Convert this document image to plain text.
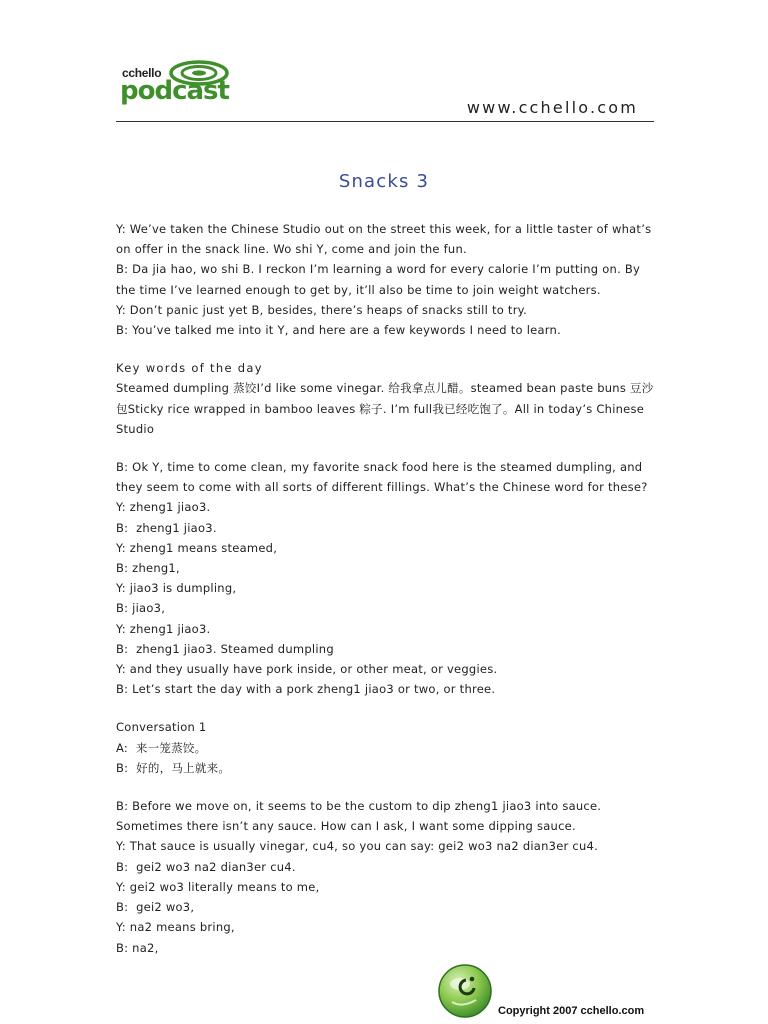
cchello
podcast
www.cchello.com
Snacks 3

Y: We’ve taken the Chinese Studio out on the street this week, for a little taster of what’s on offer in the snack line. Wo shi Y, come and join the fun.

B: Da jia hao, wo shi B. I reckon I’m learning a word for every calorie I’m putting on. By the time I’ve learned enough to get by, it’ll also be time to join weight watchers.

Y: Don’t panic just yet B, besides, there’s heaps of snacks still to try.

B: You’ve talked me into it Y, and here are a few keywords I need to learn.

Key words of the day

Steamed dumpling 蒸饺I’d like some vinegar. 给我拿点儿醋。steamed bean paste buns 豆沙包Sticky rice wrapped in bamboo leaves 粽子. I’m full我已经吃饱了。All in today’s Chinese Studio

B: Ok Y, time to come clean, my favorite snack food here is the steamed dumpling, and they seem to come with all sorts of different fillings. What’s the Chinese word for these?

Y: zheng1 jiao3.

B:  zheng1 jiao3.

Y: zheng1 means steamed,

B: zheng1,

Y: jiao3 is dumpling,

B: jiao3,

Y: zheng1 jiao3.

B:  zheng1 jiao3. Steamed dumpling

Y: and they usually have pork inside, or other meat, or veggies.

B: Let’s start the day with a pork zheng1 jiao3 or two, or three.

Conversation 1

A:  来一笼蒸饺。

B:  好的，马上就来。

B: Before we move on, it seems to be the custom to dip zheng1 jiao3 into sauce. Sometimes there isn’t any sauce. How can I ask, I want some dipping sauce.

Y: That sauce is usually vinegar, cu4, so you can say: gei2 wo3 na2 dian3er cu4.

B:  gei2 wo3 na2 dian3er cu4.

Y: gei2 wo3 literally means to me,

B:  gei2 wo3,

Y: na2 means bring,

B: na2,

Copyright 2007 cchello.com
